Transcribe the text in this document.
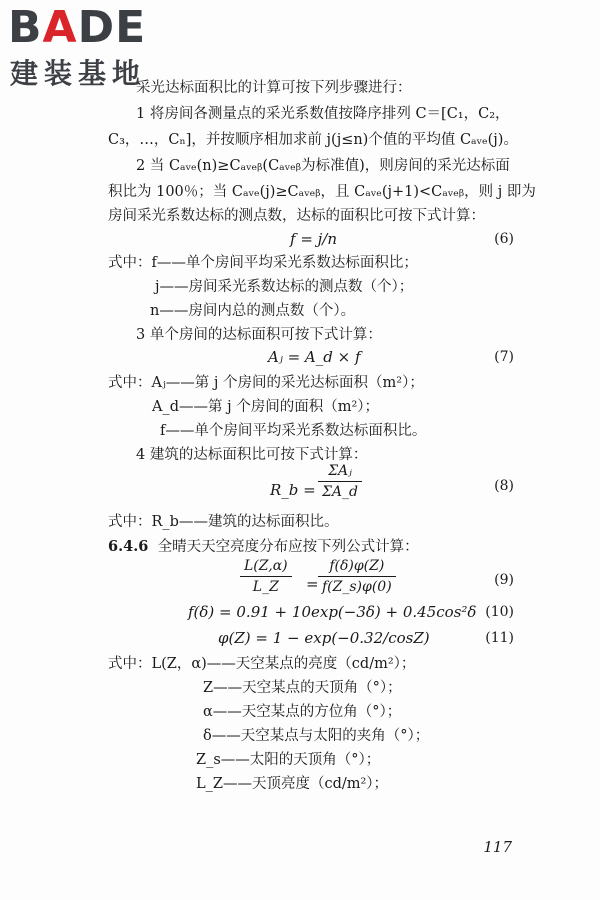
BADE
建装基地
采光达标面积比的计算可按下列步骤进行：
1 将房间各测量点的采光系数值按降序排列 C＝[C₁，C₂，
C₃，…，Cₙ]，并按顺序相加求前 j(j≤n)个值的平均值 Cₐᵥₑ(j)。
2 当 Cₐᵥₑ(n)≥Cₐᵥₑᵦ(Cₐᵥₑᵦ为标准值)，则房间的采光达标面
积比为 100％；当 Cₐᵥₑ(j)≥Cₐᵥₑᵦ，且 Cₐᵥₑ(j+1)<Cₐᵥₑᵦ，则 j 即为
房间采光系数达标的测点数，达标的面积比可按下式计算：
f = j/n	(6)
式中：f——单个房间平均采光系数达标面积比；
j——房间采光系数达标的测点数（个）；
n——房间内总的测点数（个）。
3 单个房间的达标面积可按下式计算：
Aⱼ = A_d × f	(7)
式中：Aⱼ——第 j 个房间的采光达标面积（m²）；
A_d——第 j 个房间的面积（m²）；
f——单个房间平均采光系数达标面积比。
4 建筑的达标面积比可按下式计算：
R_b =
ΣAⱼ
ΣA_d	(8)
式中：R_b——建筑的达标面积比。
6.4.6 全晴天天空亮度分布应按下列公式计算：
L(Z,α)
L_Z	=
f(δ)φ(Z)
f(Z_s)φ(0)	(9)
f(δ) = 0.91 + 10exp(−3δ) + 0.45cos²δ (10)
φ(Z) = 1 − exp(−0.32/cosZ)	(11)
式中：L(Z，α)——天空某点的亮度（cd/m²）；
Z——天空某点的天顶角（°）；
α——天空某点的方位角（°）；
δ——天空某点与太阳的夹角（°）；
Z_s——太阳的天顶角（°）；
L_Z——天顶亮度（cd/m²）；
117
